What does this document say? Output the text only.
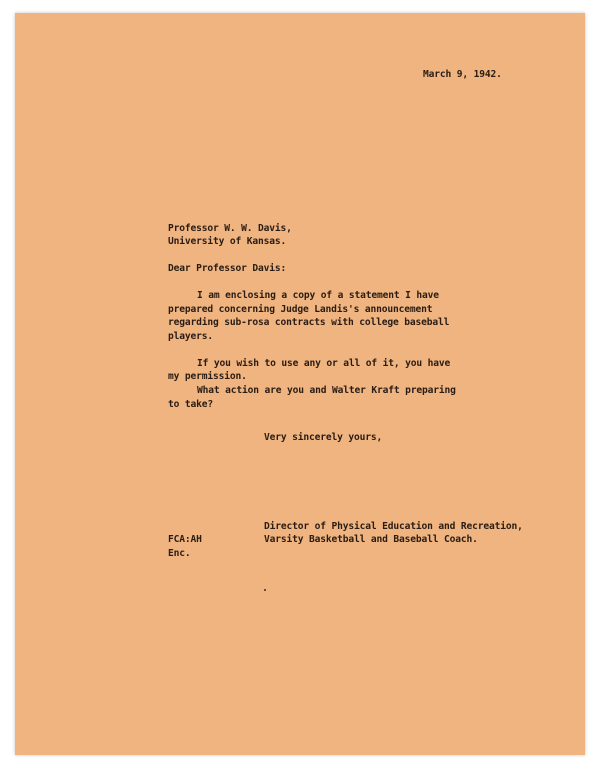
March 9, 1942.
Professor W. W. Davis,
University of Kansas.
Dear Professor Davis:
I am enclosing a copy of a statement I have
prepared concerning Judge Landis's announcement
regarding sub-rosa contracts with college baseball
players.
If you wish to use any or all of it, you have
my permission.
What action are you and Walter Kraft preparing
to take?
Very sincerely yours,
Director of Physical Education and Recreation,
Varsity Basketball and Baseball Coach.
FCA:AH
Enc.
